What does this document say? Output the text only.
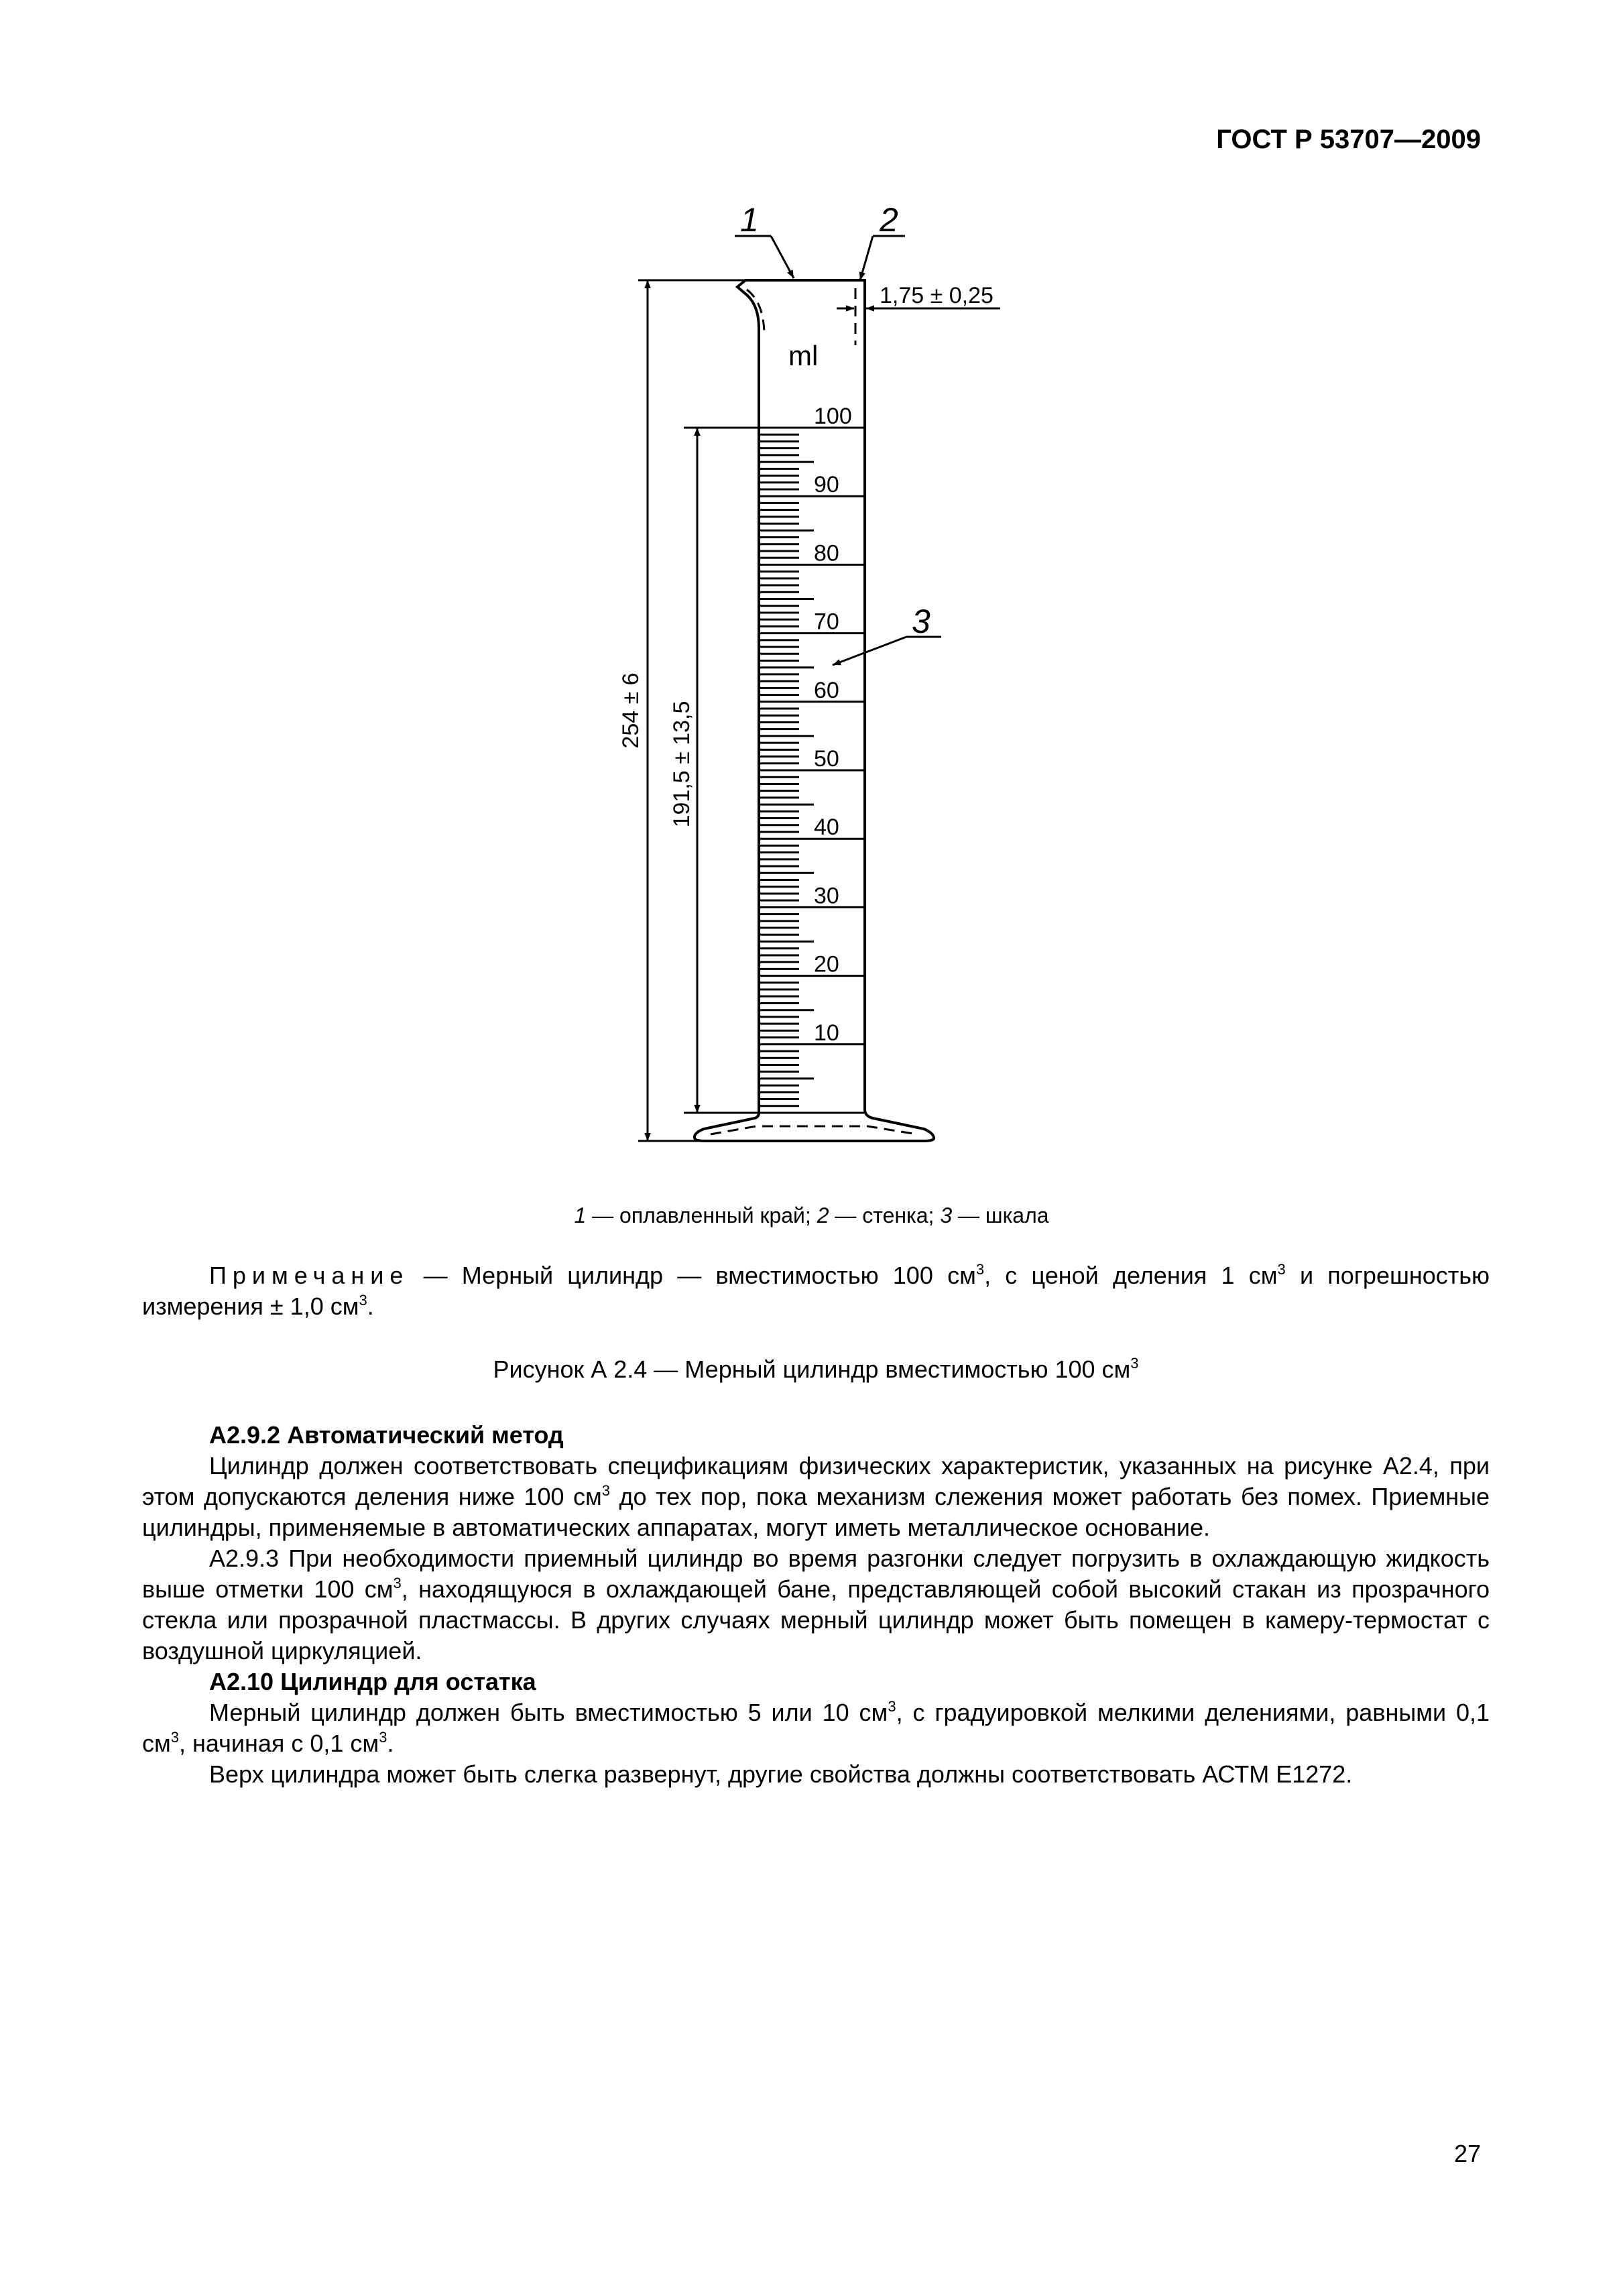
ГОСТ Р 53707—2009
100
90
80
70
60
50
40
30
20
10
ml
1	2
1,75 ± 0,25
3
254 ± 6 191,5 ± 13,5
1 — оплавленный край; 2 — стенка; 3 — шкала
Примечание — Мерный цилиндр — вместимостью 100 $см^3$, с ценой деления 1 $см^3$ и погрешностью измерения ± 1,0 $см^3$.
Рисунок А 2.4 — Мерный цилиндр вместимостью 100 $см^3$
А2.9.2 Автоматический метод
Цилиндр должен соответствовать спецификациям физических характеристик, указанных на рисунке А2.4, при этом допускаются деления ниже 100 $см^3$ до тех пор, пока механизм слежения может работать без помех. Приемные цилиндры, применяемые в автоматических аппаратах, могут иметь металлическое основание.
А2.9.3 При необходимости приемный цилиндр во время разгонки следует погрузить в охлаждающую жидкость выше отметки 100 $см^3$, находящуюся в охлаждающей бане, представляющей собой высокий стакан из прозрачного стекла или прозрачной пластмассы. В других случаях мерный цилиндр может быть помещен в камеру-термостат с воздушной циркуляцией.
А2.10 Цилиндр для остатка
Мерный цилиндр должен быть вместимостью 5 или 10 $см^3$, с градуировкой мелкими делениями, равными 0,1 $см^3$, начиная с 0,1 $см^3$.
Верх цилиндра может быть слегка развернут, другие свойства должны соответствовать АСТМ Е1272.
27
